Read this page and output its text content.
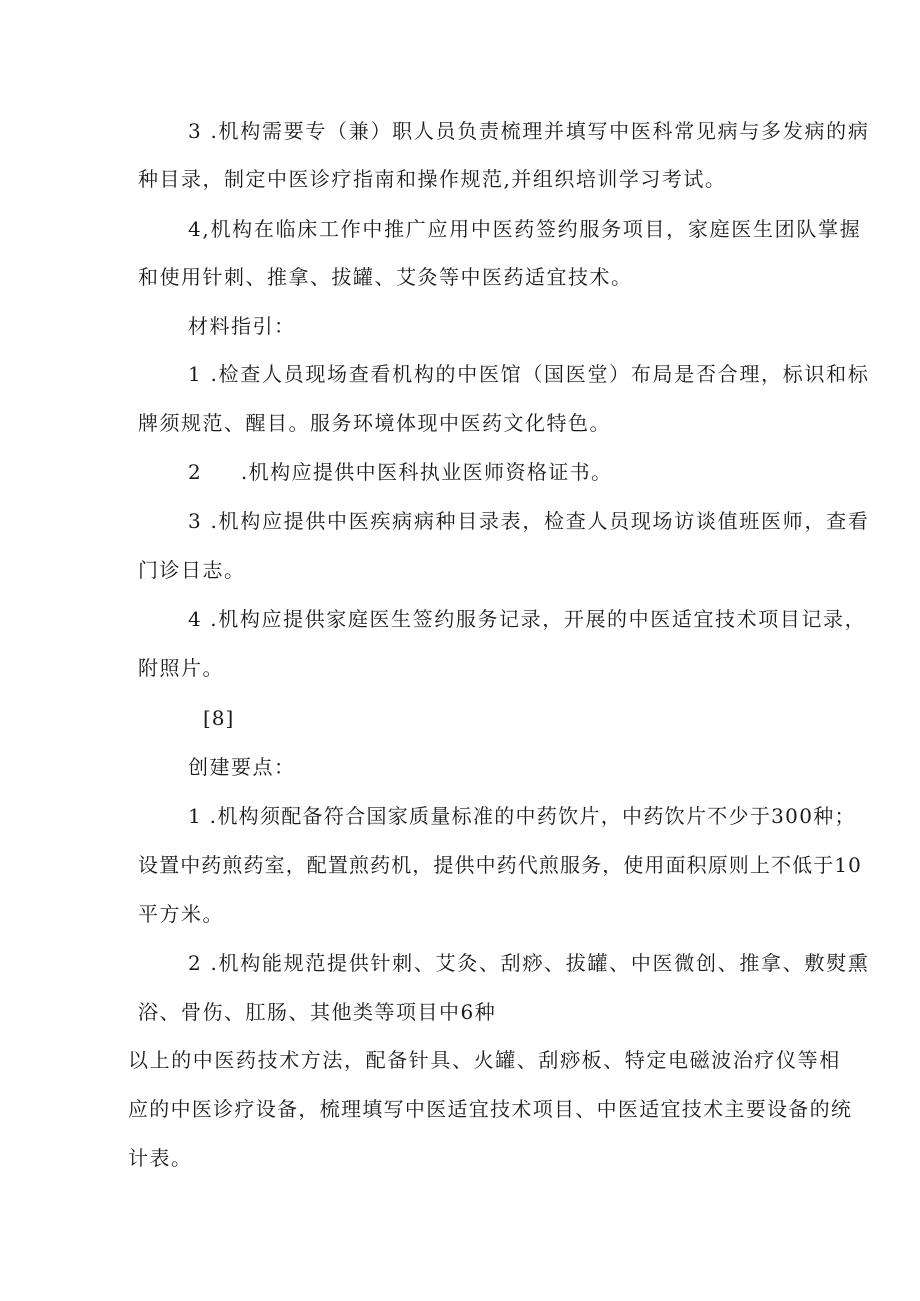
3 .机构需要专（兼）职人员负责梳理并填写中医科常见病与多发病的病
种目录，制定中医诊疗指南和操作规范,并组织培训学习考试。
4,机构在临床工作中推广应用中医药签约服务项目，家庭医生团队掌握
和使用针刺、推拿、拔罐、艾灸等中医药适宜技术。
材料指引：
1 .检查人员现场查看机构的中医馆（国医堂）布局是否合理，标识和标
牌须规范、醒目。服务环境体现中医药文化特色。
2     .机构应提供中医科执业医师资格证书。
3 .机构应提供中医疾病病种目录表，检查人员现场访谈值班医师，查看
门诊日志。
4 .机构应提供家庭医生签约服务记录，开展的中医适宜技术项目记录，
附照片。
[8]
创建要点：
1 .机构须配备符合国家质量标准的中药饮片，中药饮片不少于300种；
设置中药煎药室，配置煎药机，提供中药代煎服务，使用面积原则上不低于10
平方米。
2 .机构能规范提供针刺、艾灸、刮痧、拔罐、中医微创、推拿、敷熨熏
浴、骨伤、肛肠、其他类等项目中6种
以上的中医药技术方法，配备针具、火罐、刮痧板、特定电磁波治疗仪等相
应的中医诊疗设备，梳理填写中医适宜技术项目、中医适宜技术主要设备的统
计表。
